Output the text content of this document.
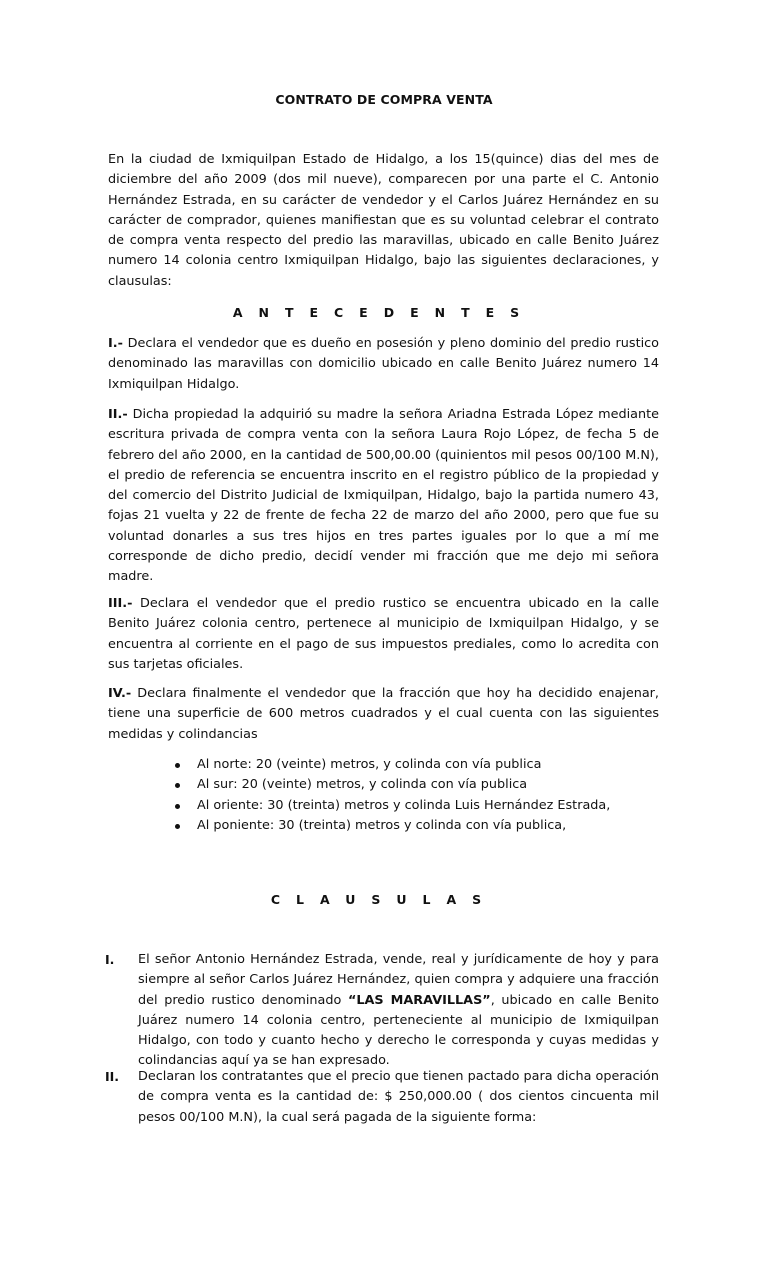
CONTRATO DE COMPRA VENTA

En la ciudad de Ixmiquilpan Estado de Hidalgo, a los 15(quince) dias del mes de diciembre del año 2009 (dos mil nueve), comparecen por una parte el C. Antonio Hernández Estrada, en su carácter de vendedor y el Carlos Juárez Hernández en su carácter de comprador, quienes manifiestan que es su voluntad celebrar el contrato de compra venta respecto del predio las maravillas, ubicado en calle Benito Juárez numero 14 colonia centro Ixmiquilpan Hidalgo, bajo las siguientes declaraciones, y clausulas:

ANTECEDENTES

I.- Declara el vendedor que es dueño en posesión y pleno dominio del predio rustico denominado las maravillas con domicilio ubicado en calle Benito Juárez numero 14 Ixmiquilpan Hidalgo.

II.- Dicha propiedad la adquirió su madre la señora Ariadna Estrada López mediante escritura privada de compra venta con la señora Laura Rojo López, de fecha 5 de febrero del año 2000, en la cantidad de 500,00.00 (quinientos mil pesos 00/100 M.N), el predio de referencia se encuentra inscrito en el registro público de la propiedad y del comercio del Distrito Judicial de Ixmiquilpan, Hidalgo, bajo la partida numero 43, fojas 21 vuelta y 22 de frente de fecha 22 de marzo del año 2000, pero que fue su voluntad donarles a sus tres hijos en tres partes iguales por lo que a mí me corresponde de dicho predio, decidí vender mi fracción que me dejo mi señora madre.

III.- Declara el vendedor que el predio rustico se encuentra ubicado en la calle Benito Juárez colonia centro, pertenece al municipio de Ixmiquilpan Hidalgo, y se encuentra al corriente en el pago de sus impuestos prediales, como lo acredita con sus tarjetas oficiales.

IV.- Declara finalmente el vendedor que la fracción que hoy ha decidido enajenar, tiene una superficie de 600 metros cuadrados y el cual cuenta con las siguientes medidas y colindancias

Al norte: 20 (veinte) metros, y colinda con vía publica
Al sur: 20 (veinte) metros, y colinda con vía publica
Al oriente: 30 (treinta) metros y colinda Luis Hernández Estrada,
Al poniente: 30 (treinta) metros y colinda con vía publica,
CLAUSULAS
I.	El señor Antonio Hernández Estrada, vende, real y jurídicamente de hoy y para siempre al señor Carlos Juárez Hernández, quien compra y adquiere una fracción del predio rustico denominado “LAS MARAVILLAS”, ubicado en calle Benito Juárez numero 14 colonia centro, perteneciente al municipio de Ixmiquilpan Hidalgo, con todo y cuanto hecho y derecho le corresponda y cuyas medidas y colindancias aquí ya se han expresado.
II.	Declaran los contratantes que el precio que tienen pactado para dicha operación de compra venta es la cantidad de: $ 250,000.00 ( dos cientos cincuenta mil pesos 00/100 M.N), la cual será pagada de la siguiente forma:
